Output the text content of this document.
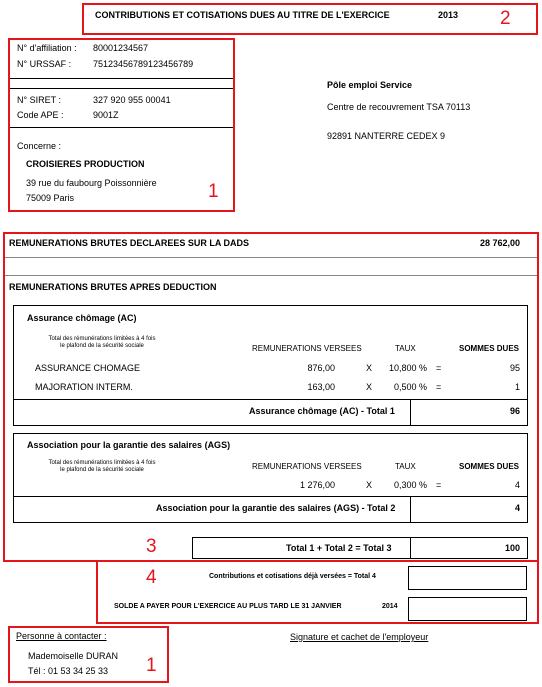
CONTRIBUTIONS ET COTISATIONS DUES AU TITRE DE L'EXERCICE	2013 2
N° d'affiliation : 80001234567
N° URSSAF : 75123456789123456789
N° SIRET :	327 920 955 00041
Code APE :	9001Z
Concerne :
CROISIERES PRODUCTION
39 rue du faubourg Poissonnière
75009 Paris	1
Pôle emploi Service
Centre de recouvrement TSA 70113
92891 NANTERRE CEDEX 9
REMUNERATIONS BRUTES DECLAREES SUR LA DADS	28 762,00
REMUNERATIONS BRUTES APRES DEDUCTION
3
Assurance chômage (AC)
Total des rémunérations limitées à 4 fois
le plafond de la sécurité sociale	REMUNERATIONS VERSEES	TAUX	SOMMES DUES
ASSURANCE CHOMAGE	876,00	X	10,800 % =	95
MAJORATION INTERM.	163,00	X	0,500 % =	1
Assurance chômage (AC) - Total 1	96
Association pour la garantie des salaires (AGS)
Total des rémunérations limitées à 4 fois
le plafond de la sécurité sociale	REMUNERATIONS VERSEES	TAUX	SOMMES DUES
1 276,00	X	0,300 % =	4
Association pour la garantie des salaires (AGS) - Total 2	4
Total 1 + Total 2 = Total 3	100
4	Contributions et cotisations déjà versées = Total 4
SOLDE A PAYER POUR L'EXERCICE AU PLUS TARD LE 31 JANVIER	2014
Personne à contacter :
Mademoiselle DURAN
Tél : 01 53 34 25 33 1
Signature et cachet de l'employeur
